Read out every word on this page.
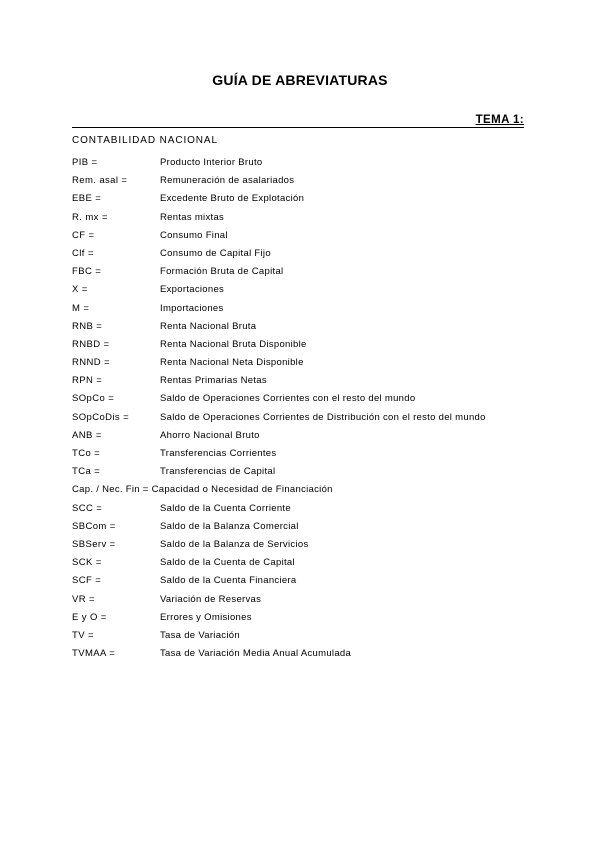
GUÍA DE ABREVIATURAS
TEMA 1:
CONTABILIDAD NACIONAL
PIB =	Producto Interior Bruto
Rem. asal =	Remuneración de asalariados
EBE =	Excedente Bruto de Explotación
R. mx =	Rentas mixtas
CF =	Consumo Final
Clf =	Consumo de Capital Fijo
FBC =	Formación Bruta de Capital
X =	Exportaciones
M =	Importaciones
RNB =	Renta Nacional Bruta
RNBD =	Renta Nacional Bruta Disponible
RNND =	Renta Nacional Neta Disponible
RPN =	Rentas Primarias Netas
SOpCo =	Saldo de Operaciones Corrientes con el resto del mundo
SOpCoDis =	Saldo de Operaciones Corrientes de Distribución con el resto del mundo
ANB =	Ahorro Nacional Bruto
TCo =	Transferencias Corrientes
TCa =	Transferencias de Capital
Cap. / Nec. Fin = Capacidad o Necesidad de Financiación
SCC =	Saldo de la Cuenta Corriente
SBCom =	Saldo de la Balanza Comercial
SBServ =	Saldo de la Balanza de Servicios
SCK =	Saldo de la Cuenta de Capital
SCF =	Saldo de la Cuenta Financiera
VR =	Variación de Reservas
E y O =	Errores y Omisiones
TV =	Tasa de Variación
TVMAA =	Tasa de Variación Media Anual Acumulada
